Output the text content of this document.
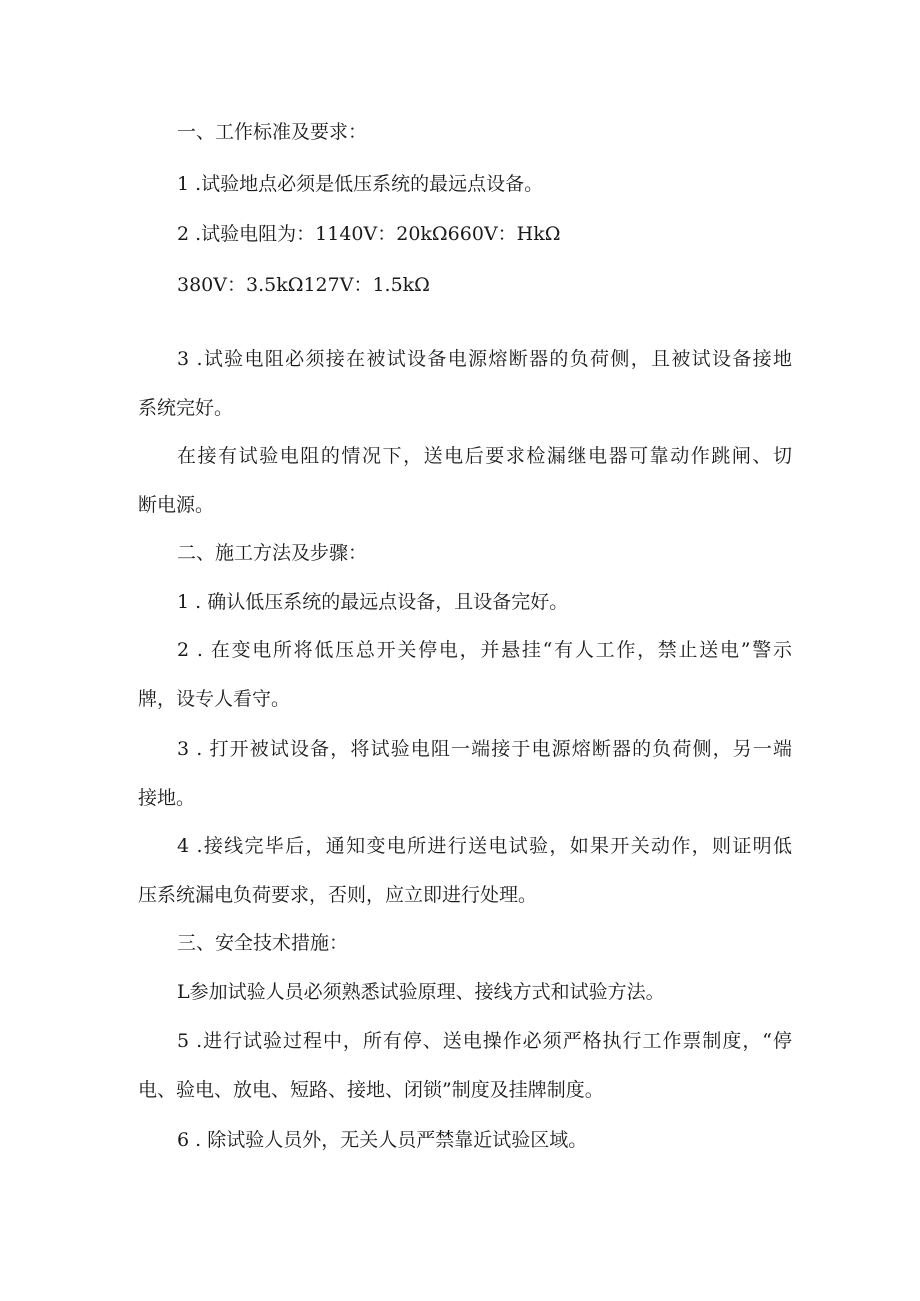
一、工作标准及要求：
1 .试验地点必须是低压系统的最远点设备。
2 .试验电阻为：1140V：20kΩ660V：HkΩ
380V：3.5kΩ127V：1.5kΩ
3 .试验电阻必须接在被试设备电源熔断器的负荷侧，且被试设备接地
系统完好。
在接有试验电阻的情况下，送电后要求检漏继电器可靠动作跳闸、切
断电源。
二、施工方法及步骤：
1 . 确认低压系统的最远点设备，且设备完好。
2 . 在变电所将低压总开关停电，并悬挂“有人工作，禁止送电”警示
牌，设专人看守。
3 . 打开被试设备，将试验电阻一端接于电源熔断器的负荷侧，另一端
接地。
4 .接线完毕后，通知变电所进行送电试验，如果开关动作，则证明低
压系统漏电负荷要求，否则，应立即进行处理。
三、安全技术措施：
L参加试验人员必须熟悉试验原理、接线方式和试验方法。
5 .进行试验过程中，所有停、送电操作必须严格执行工作票制度，“停
电、验电、放电、短路、接地、闭锁”制度及挂牌制度。
6 . 除试验人员外，无关人员严禁靠近试验区域。
